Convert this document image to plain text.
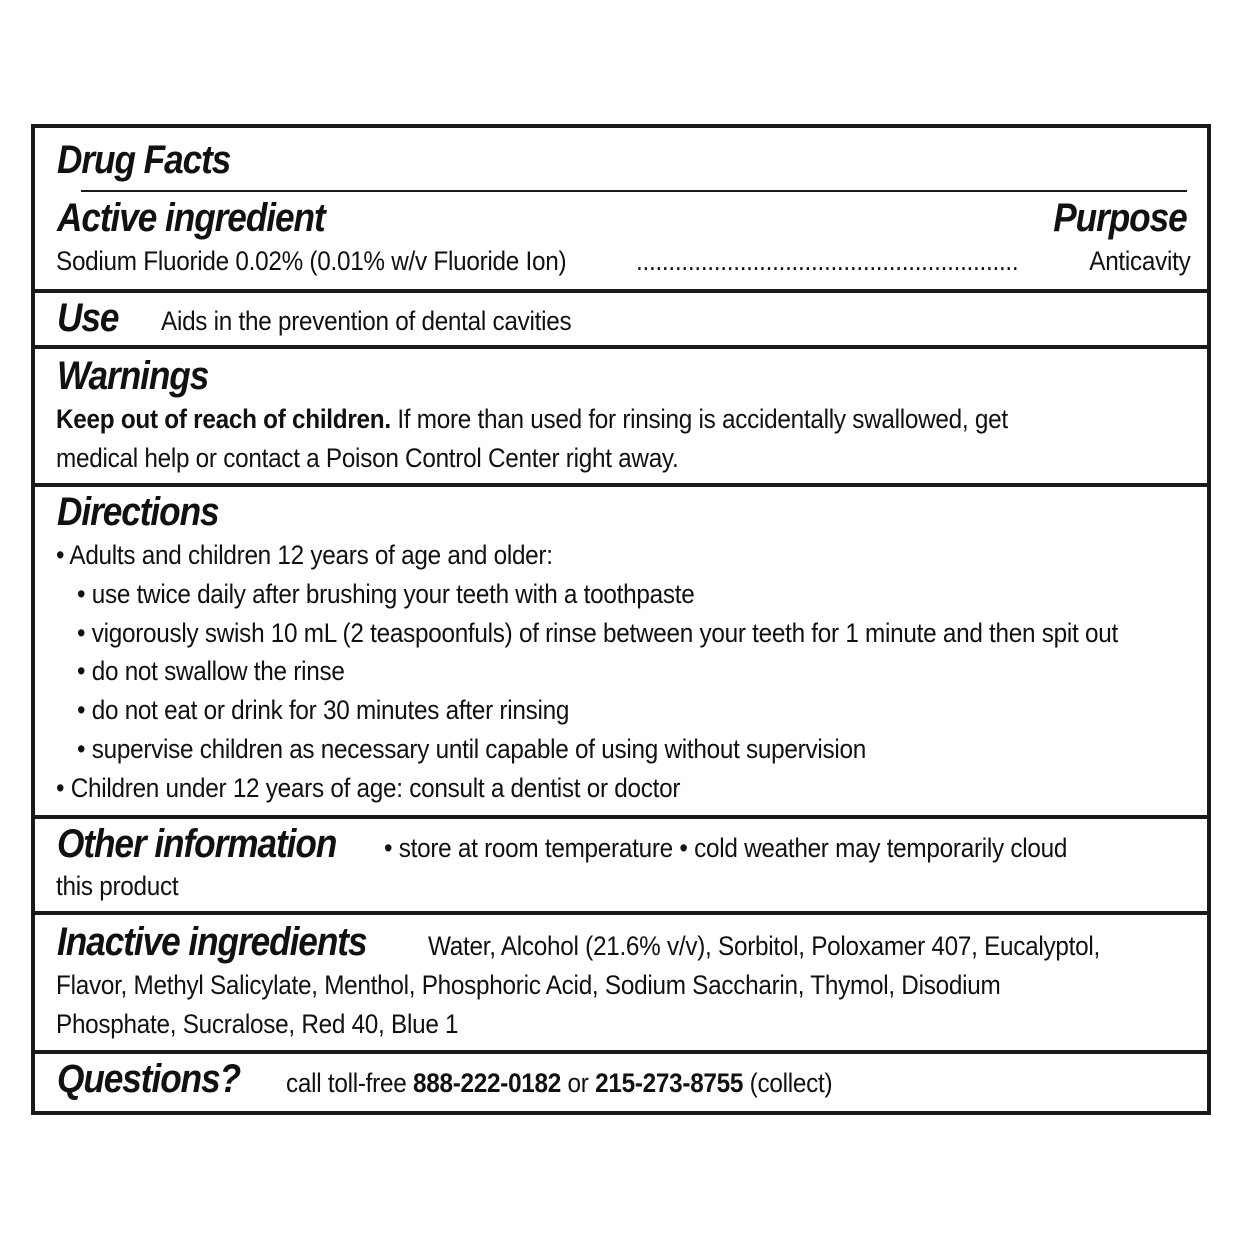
Drug Facts
Active ingredient	Purpose
Sodium Fluoride 0.02% (0.01% w/v Fluoride Ion)	...........................................................	Anticavity
Use Aids in the prevention of dental cavities
Warnings
Keep out of reach of children. If more than used for rinsing is accidentally swallowed, get
medical help or contact a Poison Control Center right away.
Directions
• Adults and children 12 years of age and older:
• use twice daily after brushing your teeth with a toothpaste
• vigorously swish 10 mL (2 teaspoonfuls) of rinse between your teeth for 1 minute and then spit out
• do not swallow the rinse
• do not eat or drink for 30 minutes after rinsing
• supervise children as necessary until capable of using without supervision
• Children under 12 years of age: consult a dentist or doctor
Other information • store at room temperature • cold weather may temporarily cloud
this product
Inactive ingredients Water, Alcohol (21.6% v/v), Sorbitol, Poloxamer 407, Eucalyptol,
Flavor, Methyl Salicylate, Menthol, Phosphoric Acid, Sodium Saccharin, Thymol, Disodium
Phosphate, Sucralose, Red 40, Blue 1
Questions? call toll-free 888-222-0182 or 215-273-8755 (collect)
